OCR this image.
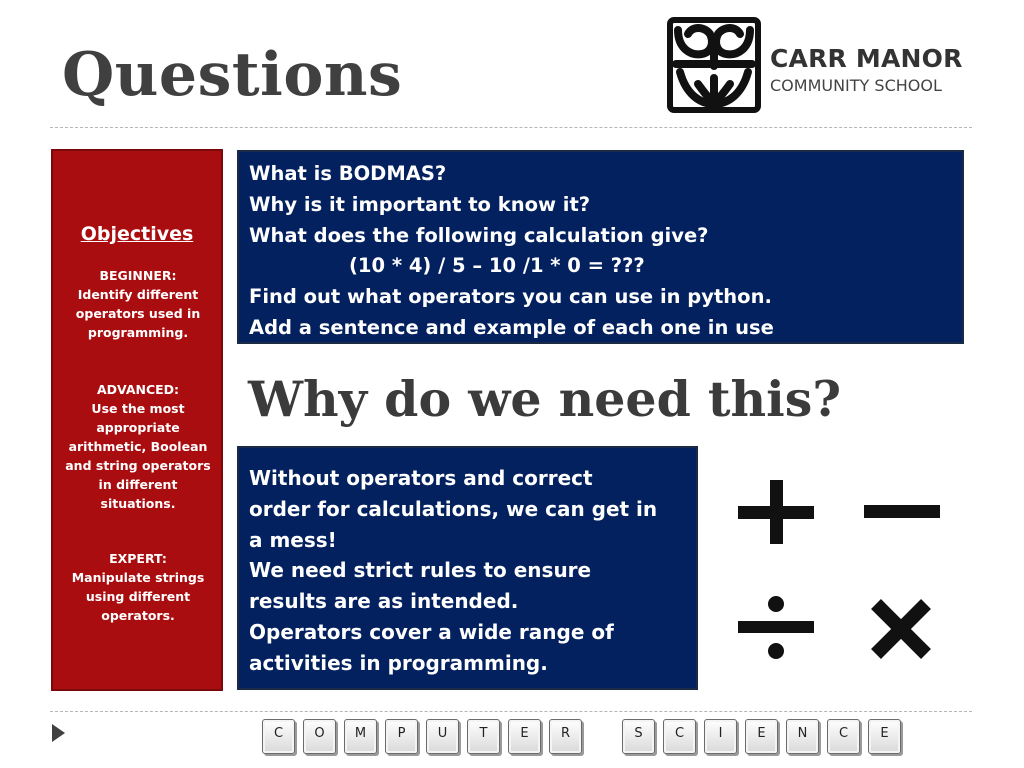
Questions	CARR MANOR
COMMUNITY SCHOOL
Objectives
BEGINNER:
Identify different
operators used in
programming.
ADVANCED:
Use the most
appropriate
arithmetic, Boolean
and string operators
in different
situations.
EXPERT:
Manipulate strings
using different
operators.
What is BODMAS?
Why is it important to know it?
What does the following calculation give?
(10 * 4) / 5 – 10 /1 * 0 = ???
Find out what operators you can use in python.
Add a sentence and example of each one in use
Why do we need this?
Without operators and correct
order for calculations, we can get in
a mess!
We need strict rules to ensure
results are as intended.
Operators cover a wide range of
activities in programming.
C	O	M	P	U	T	E	R	S	C	I	E	N	C	E
